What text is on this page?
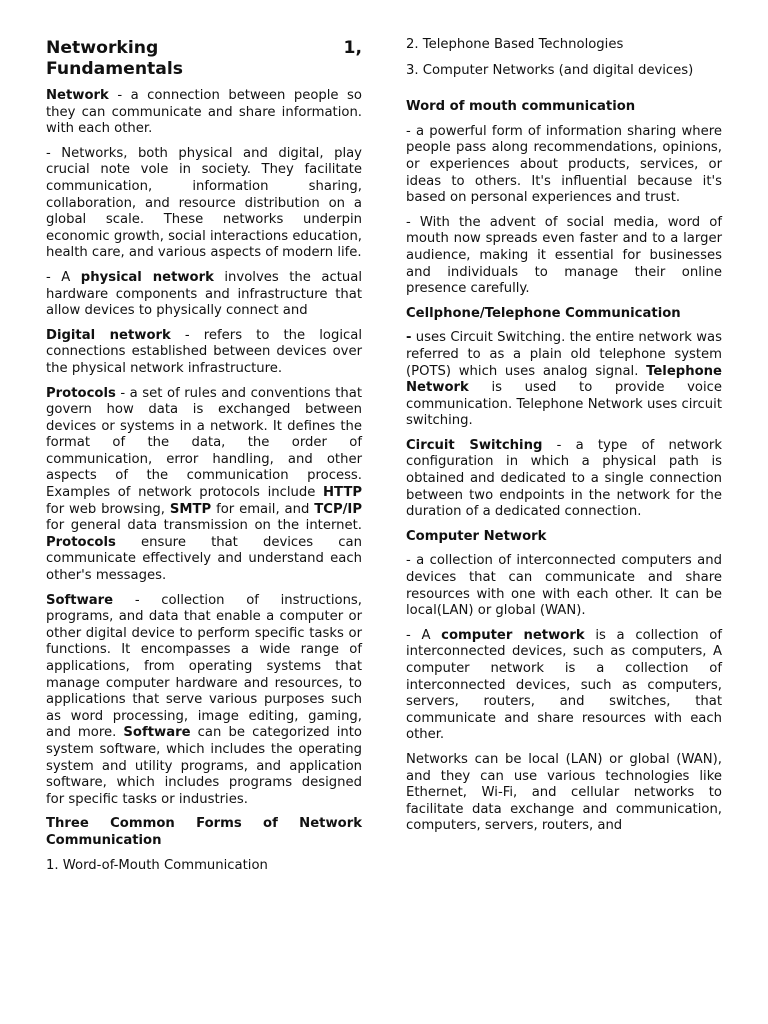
Networking	1,
Fundamentals

Network - a connection between people so they can communicate and share information. with each other.

- Networks, both physical and digital, play crucial note vole in society. They facilitate communication, information sharing, collaboration, and resource distribution on a global scale. These networks underpin economic growth, social interactions education, health care, and various aspects of modern life.

- A physical network involves the actual hardware components and infrastructure that allow devices to physically connect and

Digital network - refers to the logical connections established between devices over the physical network infrastructure.

Protocols - a set of rules and conventions that govern how data is exchanged between devices or systems in a network. It defines the format of the data, the order of communication, error handling, and other aspects of the communication process. Examples of network protocols include HTTP for web browsing, SMTP for email, and TCP/IP for general data transmission on the internet. Protocols ensure that devices can communicate effectively and understand each other's messages.

Software - collection of instructions, programs, and data that enable a computer or other digital device to perform specific tasks or functions. It encompasses a wide range of applications, from operating systems that manage computer hardware and resources, to applications that serve various purposes such as word processing, image editing, gaming, and more. Software can be categorized into system software, which includes the operating system and utility programs, and application software, which includes programs designed for specific tasks or industries.

Three Common Forms of Network Communication

1. Word-of-Mouth Communication

2. Telephone Based Technologies

3. Computer Networks (and digital devices)

Word of mouth communication

- a powerful form of information sharing where people pass along recommendations, opinions, or experiences about products, services, or ideas to others. It's influential because it's based on personal experiences and trust.

- With the advent of social media, word of mouth now spreads even faster and to a larger audience, making it essential for businesses and individuals to manage their online presence carefully.

Cellphone/Telephone Communication

- uses Circuit Switching. the entire network was referred to as a plain old telephone system (POTS) which uses analog signal. Telephone Network is used to provide voice communication. Telephone Network uses circuit switching.

Circuit Switching - a type of network configuration in which a physical path is obtained and dedicated to a single connection between two endpoints in the network for the duration of a dedicated connection.

Computer Network

- a collection of interconnected computers and devices that can communicate and share resources with one with each other. It can be local(LAN) or global (WAN).

- A computer network is a collection of interconnected devices, such as computers, A computer network is a collection of interconnected devices, such as computers, servers, routers, and switches, that communicate and share resources with each other.

Networks can be local (LAN) or global (WAN), and they can use various technologies like Ethernet, Wi-Fi, and cellular networks to facilitate data exchange and communication, computers, servers, routers, and
